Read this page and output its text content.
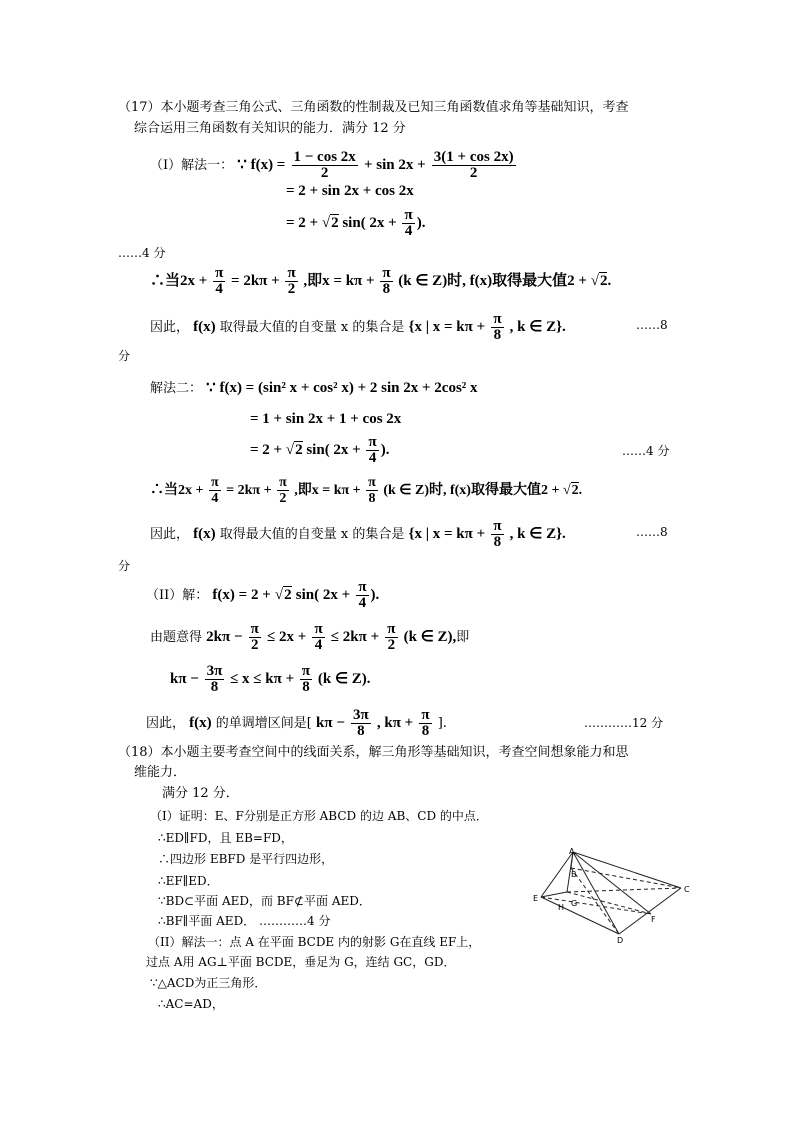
（17）本小题考查三角公式、三角函数的性制裁及已知三角函数值求角等基础知识，考查
综合运用三角函数有关知识的能力．满分 12 分
（I）解法一： ∵ $f(x) = \frac{1 - \cos 2x}{2} + \sin 2x + \frac{3(1 + \cos 2x)}{2}$
= 2 + sin 2x + cos 2x
= 2 + √2 sin( $2x + \frac{\pi}{4}$ ).
……4 分
∴当$2x + \frac{\pi}{4} = 2k\pi + \frac{\pi}{2}$ ,即$x = k\pi + \frac{\pi}{8} (k$ ∈ Z)时, f(x)取得最大值2 + √2.
因此， f(x) 取得最大值的自变量 x 的集合是 {x | $x = k\pi + \frac{\pi}{8}$ , k ∈ Z}.	……8
分
解法二： ∵ f(x) = (sin² x + cos² x) + 2 sin 2x + 2cos² x
= 1 + sin 2x + 1 + cos 2x
= 2 + √2 sin( $2x + \frac{\pi}{4}$ ).	……4 分
∴当$2x + \frac{\pi}{4} = 2k\pi + \frac{\pi}{2}$ ,即$x = k\pi + \frac{\pi}{8} (k$ ∈ Z)时, f(x)取得最大值2 + √2.
因此， f(x) 取得最大值的自变量 x 的集合是 {x | $x = k\pi + \frac{\pi}{8}$ , k ∈ Z}.	……8
分
（II）解： f(x) = 2 + √2 sin( $2x + \frac{\pi}{4}$ ).
由题意得 $2k\pi - \frac{\pi}{2} \le 2x + \frac{\pi}{4} \le 2k\pi + \frac{\pi}{2} (k$ ∈ Z),即
$k\pi - \frac{3\pi}{8} \le x \le k\pi + \frac{\pi}{8} (k$ ∈ Z).
因此， f(x) 的单调增区间是[ $k\pi - \frac{3\pi}{8}$ , $k\pi + \frac{\pi}{8}$ ].	…………12 分
（18）本小题主要考查空间中的线面关系，解三角形等基础知识，考查空间想象能力和思
维能力．
满分 12 分．
（I）证明：E、F分别是正方形 ABCD 的边 AB、CD 的中点．
∴ED∥FD，且 EB=FD，
∴四边形 EBFD 是平行四边形，
∴EF∥ED．
∵BD⊂平面 AED，而 BF⊄平面 AED．
∴BF∥平面 AED． …………4 分
（II）解法一：点 A 在平面 BCDE 内的射影 G在直线 EF上，
过点 A用 AG⊥平面 BCDE，垂足为 G，连结 GC，GD．
∵△ACD为正三角形．
∴AC=AD，
A
B
C
D
E
F
G
H
